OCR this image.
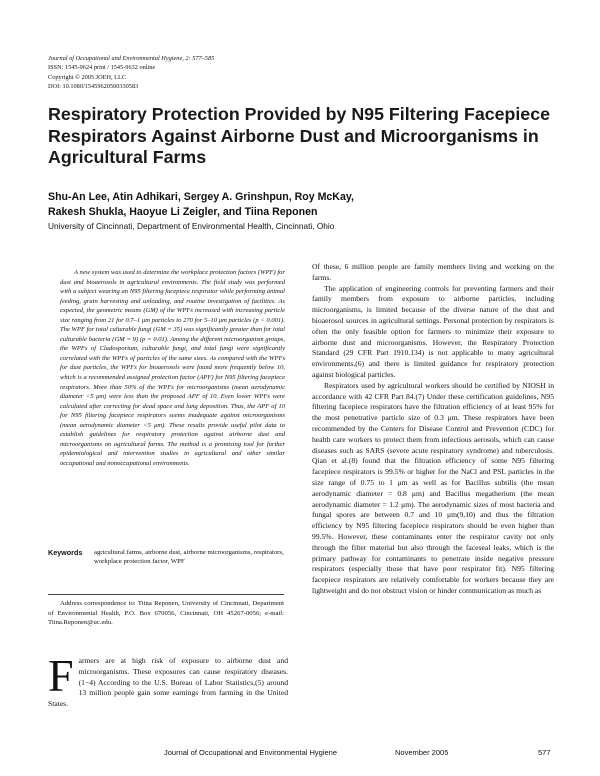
Journal of Occupational and Environmental Hygiene, 2: 577–585
ISSN: 1545-9624 print / 1545-9632 online
Copyright © 2005 JOEH, LLC
DOI: 10.1080/15459620500330583
Respiratory Protection Provided by N95 Filtering Facepiece Respirators Against Airborne Dust and Microorganisms in Agricultural Farms
Shu-An Lee, Atin Adhikari, Sergey A. Grinshpun, Roy McKay,
Rakesh Shukla, Haoyue Li Zeigler, and Tiina Reponen
University of Cincinnati, Department of Environmental Health, Cincinnati, Ohio
A new system was used to determine the workplace protection factors (WPF) for dust and bioaerosols in agricultural environments. The field study was performed with a subject wearing an N95 filtering facepiece respirator while performing animal feeding, grain harvesting and unloading, and routine investigation of facilities. As expected, the geometric means (GM) of the WPFs increased with increasing particle size ranging from 21 for 0.7–1 μm particles to 270 for 5–10 μm particles (p < 0.001). The WPF for total culturable fungi (GM = 35) was significantly greater than for total culturable bacteria (GM = 9) (p = 0.01). Among the different microorganism groups, the WPFs of Cladosporium, culturable fungi, and total fungi were significantly correlated with the WPFs of particles of the same sizes. As compared with the WPFs for dust particles, the WPFs for bioaerosols were found more frequently below 10, which is a recommended assigned protection factor (APF) for N95 filtering facepiece respirators. More than 50% of the WPFs for microorganisms (mean aerodynamic diameter <5 μm) were less than the proposed APF of 10. Even lower WPFs were calculated after correcting for dead space and lung deposition. Thus, the APF of 10 for N95 filtering facepiece respirators seems inadequate against microorganisms (mean aerodynamic diameter <5 μm). These results provide useful pilot data to establish guidelines for respiratory protection against airborne dust and microorganisms on agricultural farms. The method is a promising tool for further epidemiological and intervention studies in agricultural and other similar occupational and nonoccupational environments.
Keywords	agricultural farms, airborne dust, airborne microorganisms, respirators, workplace protection factor, WPF
Address correspondence to: Tiina Reponen, University of Cincinnati, Department of Environmental Health, P.O. Box 670056, Cincinnati, OH 45267-0056; e-mail: Tiina.Reponen@uc.edu.
F armers are at high risk of exposure to airborne dust and microorganisms. These exposures can cause respiratory diseases.(1−4) According to the U.S. Bureau of Labor Statistics,(5) around 13 million people gain some earnings from farming in the United States.

Of these, 6 million people are family members living and working on the farms.

The application of engineering controls for preventing farmers and their family members from exposure to airborne particles, including microorganisms, is limited because of the diverse nature of the dust and bioaerosol sources in agricultural settings. Personal protection by respirators is often the only feasible option for farmers to minimize their exposure to airborne dust and microorganisms. However, the Respiratory Protection Standard (29 CFR Part 1910.134) is not applicable to many agricultural environments,(6) and there is limited guidance for respiratory protection against biological particles.

Respirators used by agricultural workers should be certified by NIOSH in accordance with 42 CFR Part 84.(7) Under these certification guidelines, N95 filtering facepiece respirators have the filtration efficiency of at least 95% for the most penetrative particle size of 0.3 μm. These respirators have been recommended by the Centers for Disease Control and Prevention (CDC) for health care workers to protect them from infectious aerosols, which can cause diseases such as SARS (severe acute respiratory syndrome) and tuberculosis. Qian et al.(8) found that the filtration efficiency of some N95 filtering facepiece respirators is 99.5% or higher for the NaCl and PSL particles in the size range of 0.75 to 1 μm as well as for Bacillus subtilis (the mean aerodynamic diameter = 0.8 μm) and Bacillus megatherium (the mean aerodynamic diameter = 1.2 μm). The aerodynamic sizes of most bacteria and fungal spores are between 0.7 and 10 μm(9,10) and thus the filtration efficiency by N95 filtering facepiece respirators should be even higher than 99.5%. However, these contaminants enter the respirator cavity not only through the filter material but also through the faceseal leaks, which is the primary pathway for contaminants to penetrate inside negative pressure respirators (especially those that have poor respirator fit). N95 filtering facepiece respirators are relatively comfortable for workers because they are lightweight and do not obstruct vision or hinder communication as much as

Journal of Occupational and Environmental Hygiene	November 2005	577
